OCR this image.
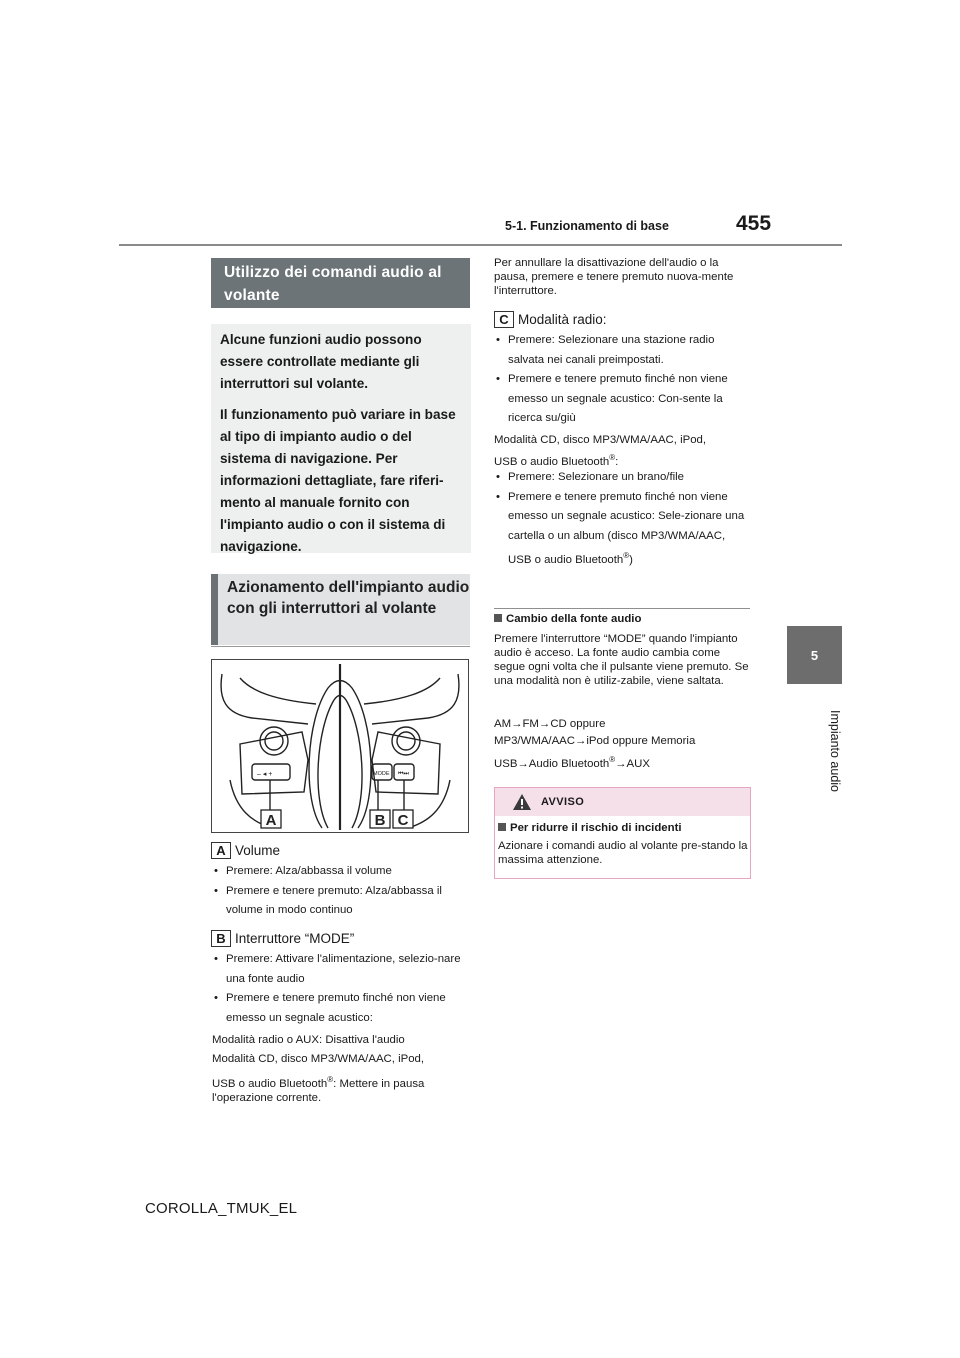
455
5-1. Funzionamento di base
5
Impianto audio
Utilizzo dei comandi audio al volante

Alcune funzioni audio possono essere controllate mediante gli interruttori sul volante.

Il funzionamento può variare in base al tipo di impianto audio o del sistema di navigazione. Per informazioni dettagliate, fare riferi-mento al manuale fornito con l'impianto audio o con il sistema di navigazione.

Azionamento dell'impianto audio con gli interruttori al volante
– ◂ +	MODE ⏮⏭
A	B C
A Volume
• Premere: Alza/abbassa il volume
• Premere e tenere premuto: Alza/abbassa il volume in modo continuo
B Interruttore “MODE”
• Premere: Attivare l'alimentazione, selezio-nare una fonte audio
• Premere e tenere premuto finché non viene emesso un segnale acustico:

Modalità radio o AUX: Disattiva l'audio

Modalità CD, disco MP3/WMA/AAC, iPod,

USB o audio Bluetooth®: Mettere in pausa

l'operazione corrente.

Per annullare la disattivazione dell'audio o la pausa, premere e tenere premuto nuova-mente l'interruttore.

C Modalità radio:
• Premere: Selezionare una stazione radio salvata nei canali preimpostati.
• Premere e tenere premuto finché non viene emesso un segnale acustico: Con-sente la ricerca su/giù

Modalità CD, disco MP3/WMA/AAC, iPod,

USB o audio Bluetooth®:

• Premere: Selezionare un brano/file
• Premere e tenere premuto finché non viene emesso un segnale acustico: Sele-zionare una cartella o un album (disco MP3/WMA/AAC, USB o audio Bluetooth®)
Cambio della fonte audio

Premere l'interruttore “MODE” quando l'impianto audio è acceso. La fonte audio cambia come segue ogni volta che il pulsante viene premuto. Se una modalità non è utiliz-zabile, viene saltata.

AM→FM→CD oppure

MP3/WMA/AAC→iPod oppure Memoria

USB→Audio Bluetooth®→AUX

AVVISO
Per ridurre il rischio di incidenti

Azionare i comandi audio al volante pre-stando la massima attenzione.

COROLLA_TMUK_EL
